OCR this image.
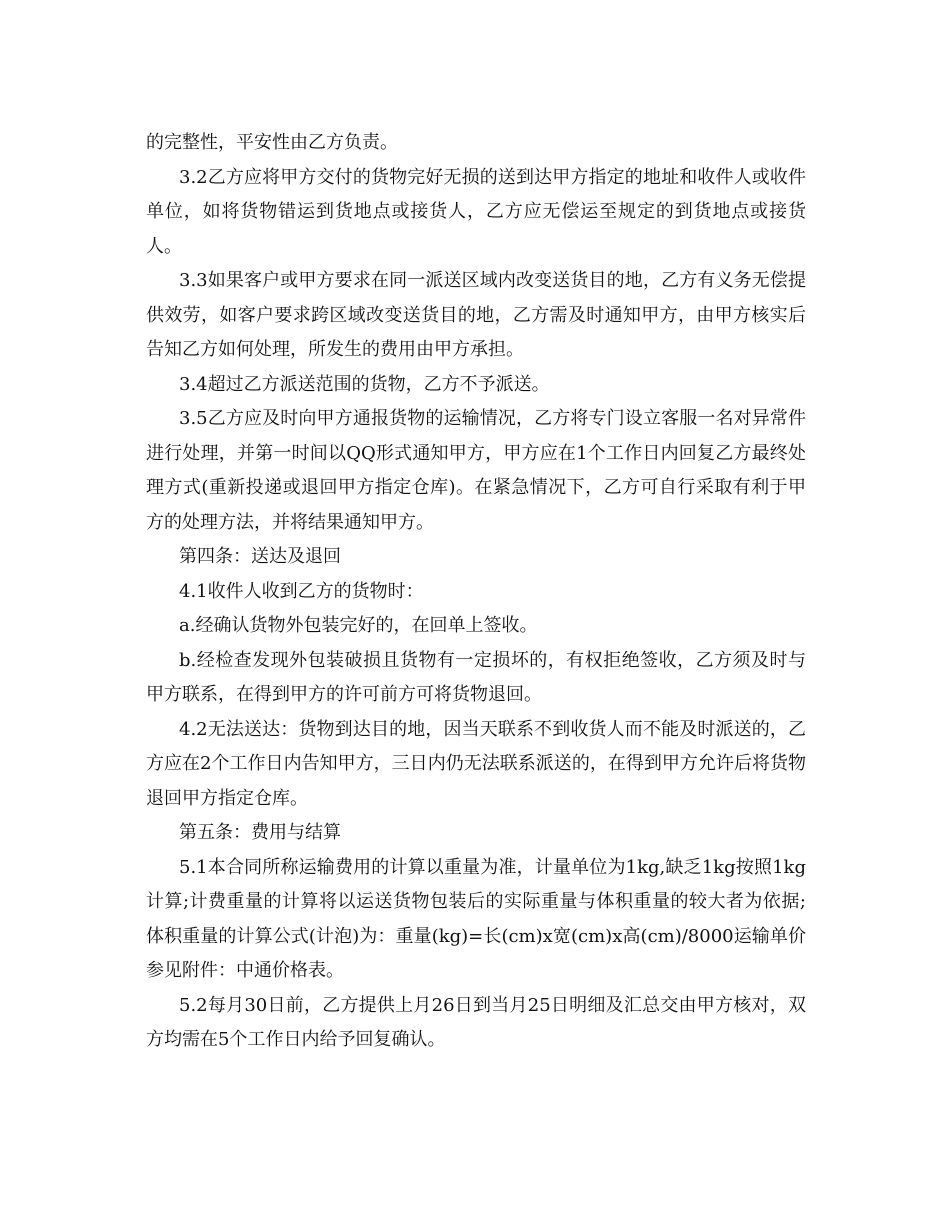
的完整性，平安性由乙方负责。

3.2乙方应将甲方交付的货物完好无损的送到达甲方指定的地址和收件人或收件单位，如将货物错运到货地点或接货人，乙方应无偿运至规定的到货地点或接货人。

3.3如果客户或甲方要求在同一派送区域内改变送货目的地，乙方有义务无偿提供效劳，如客户要求跨区域改变送货目的地，乙方需及时通知甲方，由甲方核实后告知乙方如何处理，所发生的费用由甲方承担。

3.4超过乙方派送范围的货物，乙方不予派送。

3.5乙方应及时向甲方通报货物的运输情况，乙方将专门设立客服一名对异常件进行处理，并第一时间以QQ形式通知甲方，甲方应在1个工作日内回复乙方最终处理方式(重新投递或退回甲方指定仓库)。在紧急情况下，乙方可自行采取有利于甲方的处理方法，并将结果通知甲方。

第四条：送达及退回

4.1收件人收到乙方的货物时：

a.经确认货物外包装完好的，在回单上签收。

b.经检查发现外包装破损且货物有一定损坏的，有权拒绝签收，乙方须及时与甲方联系，在得到甲方的许可前方可将货物退回。

4.2无法送达：货物到达目的地，因当天联系不到收货人而不能及时派送的，乙方应在2个工作日内告知甲方，三日内仍无法联系派送的，在得到甲方允许后将货物退回甲方指定仓库。

第五条：费用与结算

5.1本合同所称运输费用的计算以重量为准，计量单位为1kg,缺乏1kg按照1kg计算;计费重量的计算将以运送货物包装后的实际重量与体积重量的较大者为依据;体积重量的计算公式(计泡)为：重量(kg)=长(cm)x宽(cm)x高(cm)/8000运输单价参见附件：中通价格表。

5.2每月30日前，乙方提供上月26日到当月25日明细及汇总交由甲方核对，双方均需在5个工作日内给予回复确认。
